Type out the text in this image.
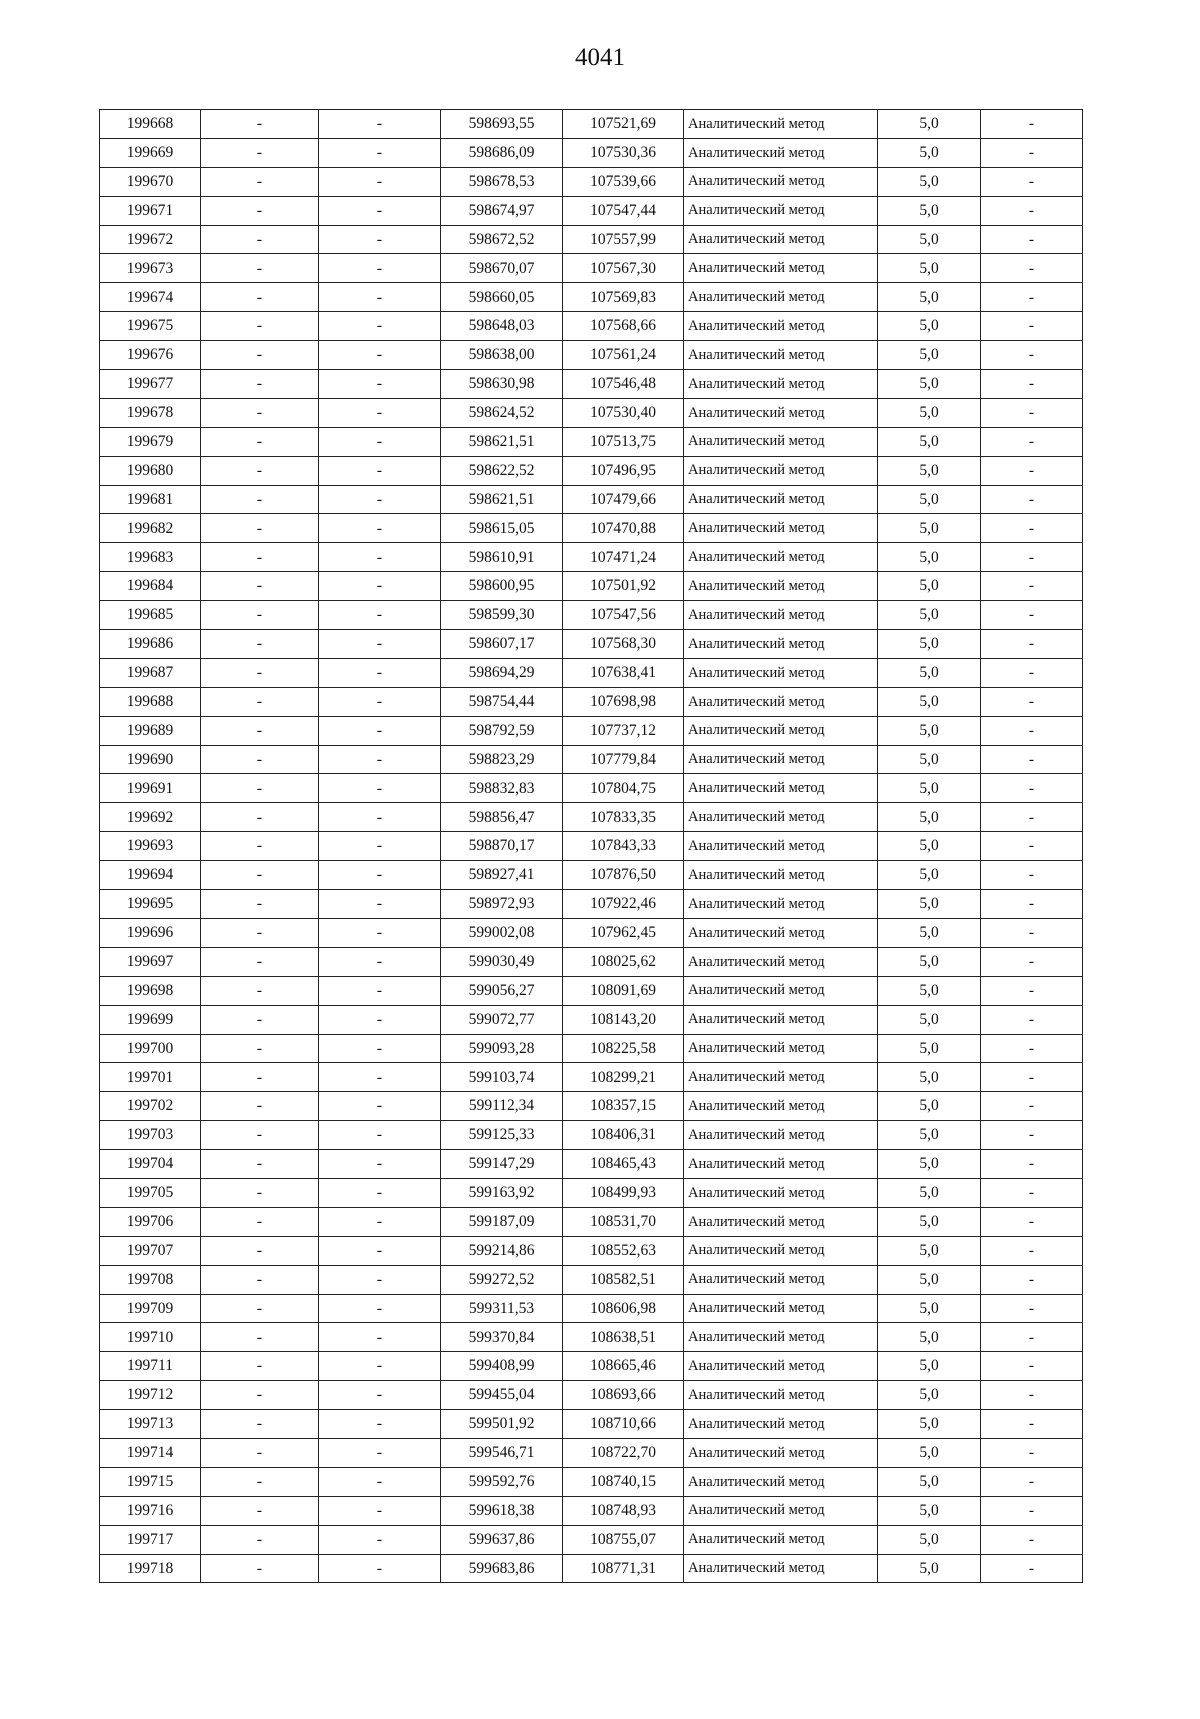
4041
199668	-	-	598693,55	107521,69	Аналитический метод	5,0	-
199669	-	-	598686,09	107530,36	Аналитический метод	5,0	-
199670	-	-	598678,53	107539,66	Аналитический метод	5,0	-
199671	-	-	598674,97	107547,44	Аналитический метод	5,0	-
199672	-	-	598672,52	107557,99	Аналитический метод	5,0	-
199673	-	-	598670,07	107567,30	Аналитический метод	5,0	-
199674	-	-	598660,05	107569,83	Аналитический метод	5,0	-
199675	-	-	598648,03	107568,66	Аналитический метод	5,0	-
199676	-	-	598638,00	107561,24	Аналитический метод	5,0	-
199677	-	-	598630,98	107546,48	Аналитический метод	5,0	-
199678	-	-	598624,52	107530,40	Аналитический метод	5,0	-
199679	-	-	598621,51	107513,75	Аналитический метод	5,0	-
199680	-	-	598622,52	107496,95	Аналитический метод	5,0	-
199681	-	-	598621,51	107479,66	Аналитический метод	5,0	-
199682	-	-	598615,05	107470,88	Аналитический метод	5,0	-
199683	-	-	598610,91	107471,24	Аналитический метод	5,0	-
199684	-	-	598600,95	107501,92	Аналитический метод	5,0	-
199685	-	-	598599,30	107547,56	Аналитический метод	5,0	-
199686	-	-	598607,17	107568,30	Аналитический метод	5,0	-
199687	-	-	598694,29	107638,41	Аналитический метод	5,0	-
199688	-	-	598754,44	107698,98	Аналитический метод	5,0	-
199689	-	-	598792,59	107737,12	Аналитический метод	5,0	-
199690	-	-	598823,29	107779,84	Аналитический метод	5,0	-
199691	-	-	598832,83	107804,75	Аналитический метод	5,0	-
199692	-	-	598856,47	107833,35	Аналитический метод	5,0	-
199693	-	-	598870,17	107843,33	Аналитический метод	5,0	-
199694	-	-	598927,41	107876,50	Аналитический метод	5,0	-
199695	-	-	598972,93	107922,46	Аналитический метод	5,0	-
199696	-	-	599002,08	107962,45	Аналитический метод	5,0	-
199697	-	-	599030,49	108025,62	Аналитический метод	5,0	-
199698	-	-	599056,27	108091,69	Аналитический метод	5,0	-
199699	-	-	599072,77	108143,20	Аналитический метод	5,0	-
199700	-	-	599093,28	108225,58	Аналитический метод	5,0	-
199701	-	-	599103,74	108299,21	Аналитический метод	5,0	-
199702	-	-	599112,34	108357,15	Аналитический метод	5,0	-
199703	-	-	599125,33	108406,31	Аналитический метод	5,0	-
199704	-	-	599147,29	108465,43	Аналитический метод	5,0	-
199705	-	-	599163,92	108499,93	Аналитический метод	5,0	-
199706	-	-	599187,09	108531,70	Аналитический метод	5,0	-
199707	-	-	599214,86	108552,63	Аналитический метод	5,0	-
199708	-	-	599272,52	108582,51	Аналитический метод	5,0	-
199709	-	-	599311,53	108606,98	Аналитический метод	5,0	-
199710	-	-	599370,84	108638,51	Аналитический метод	5,0	-
199711	-	-	599408,99	108665,46	Аналитический метод	5,0	-
199712	-	-	599455,04	108693,66	Аналитический метод	5,0	-
199713	-	-	599501,92	108710,66	Аналитический метод	5,0	-
199714	-	-	599546,71	108722,70	Аналитический метод	5,0	-
199715	-	-	599592,76	108740,15	Аналитический метод	5,0	-
199716	-	-	599618,38	108748,93	Аналитический метод	5,0	-
199717	-	-	599637,86	108755,07	Аналитический метод	5,0	-
199718	-	-	599683,86	108771,31	Аналитический метод	5,0	-
